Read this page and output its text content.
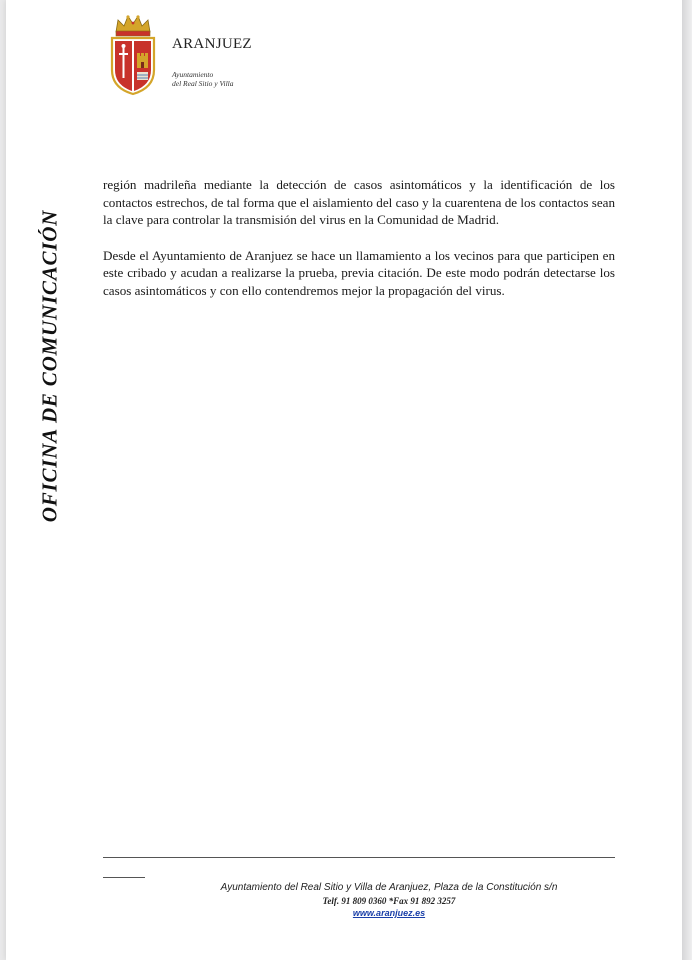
ARANJUEZ
Ayuntamiento
del Real Sitio y Villa
OFICINA DE COMUNICACIÓN

región madrileña mediante la detección de casos asintomáticos y la identificación de los contactos estrechos, de tal forma que el aislamiento del caso y la cuarentena de los contactos sean la clave para controlar la transmisión del virus en la Comunidad de Madrid.

Desde el Ayuntamiento de Aranjuez se hace un llamamiento a los vecinos para que participen en este cribado y acudan a realizarse la prueba, previa citación. De este modo podrán detectarse los casos asintomáticos y con ello contendremos mejor la propagación del virus.

Ayuntamiento del Real Sitio y Villa de Aranjuez, Plaza de la Constitución s/n
Telf. 91 809 0360 *Fax 91 892 3257
www.aranjuez.es
